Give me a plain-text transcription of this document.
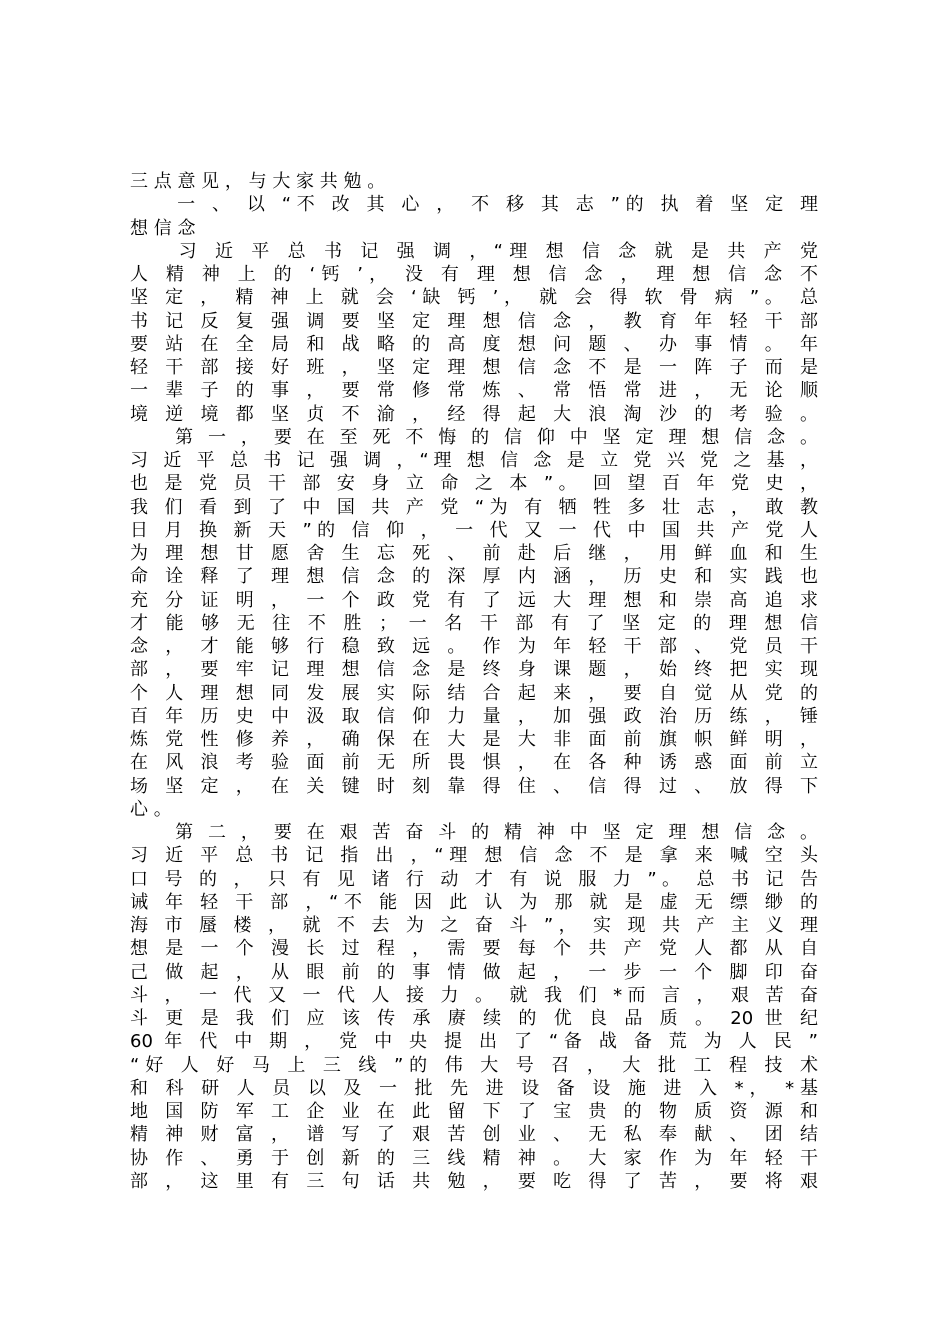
三 点 意 见 ， 与 大 家 共 勉 。
　　一 、 以 “不 改 其 心 ， 不 移 其 志 ”的 执 着 坚 定 理
想 信 念
　　习 近 平 总 书 记 强 调 ，“理 想 信 念 就 是 共 产 党
人 精 神 上 的 ‘钙 ’， 没 有 理 想 信 念 ， 理 想 信 念 不
坚 定 ， 精 神 上 就 会 ‘缺 钙 ’， 就 会 得 软 骨 病 ”。 总
书 记 反 复 强 调 要 坚 定 理 想 信 念 ， 教 育 年 轻 干 部
要 站 在 全 局 和 战 略 的 高 度 想 问 题 、 办 事 情 。 年
轻 干 部 接 好 班 ， 坚 定 理 想 信 念 不 是 一 阵 子 而 是
一 辈 子 的 事 ， 要 常 修 常 炼 、 常 悟 常 进 ， 无 论 顺
境 逆 境 都 坚 贞 不 渝 ， 经 得 起 大 浪 淘 沙 的 考 验 。
　　第 一 ， 要 在 至 死 不 悔 的 信 仰 中 坚 定 理 想 信 念 。
习 近 平 总 书 记 强 调 ，“理 想 信 念 是 立 党 兴 党 之 基 ，
也 是 党 员 干 部 安 身 立 命 之 本 ”。 回 望 百 年 党 史 ，
我 们 看 到 了 中 国 共 产 党 “为 有 牺 牲 多 壮 志 ， 敢 教
日 月 换 新 天 ”的 信 仰 ， 一 代 又 一 代 中 国 共 产 党 人
为 理 想 甘 愿 舍 生 忘 死 、 前 赴 后 继 ， 用 鲜 血 和 生
命 诠 释 了 理 想 信 念 的 深 厚 内 涵 ， 历 史 和 实 践 也
充 分 证 明 ， 一 个 政 党 有 了 远 大 理 想 和 崇 高 追 求
才 能 够 无 往 不 胜 ； 一 名 干 部 有 了 坚 定 的 理 想 信
念 ， 才 能 够 行 稳 致 远 。 作 为 年 轻 干 部 、 党 员 干
部 ， 要 牢 记 理 想 信 念 是 终 身 课 题 ， 始 终 把 实 现
个 人 理 想 同 发 展 实 际 结 合 起 来 ， 要 自 觉 从 党 的
百 年 历 史 中 汲 取 信 仰 力 量 ， 加 强 政 治 历 练 ， 锤
炼 党 性 修 养 ， 确 保 在 大 是 大 非 面 前 旗 帜 鲜 明 ，
在 风 浪 考 验 面 前 无 所 畏 惧 ， 在 各 种 诱 惑 面 前 立
场 坚 定 ， 在 关 键 时 刻 靠 得 住 、 信 得 过 、 放 得 下
心 。
　　第 二 ， 要 在 艰 苦 奋 斗 的 精 神 中 坚 定 理 想 信 念 。
习 近 平 总 书 记 指 出 ，“理 想 信 念 不 是 拿 来 喊 空 头
口 号 的 ， 只 有 见 诸 行 动 才 有 说 服 力 ”。 总 书 记 告
诫 年 轻 干 部 ，“不 能 因 此 认 为 那 就 是 虚 无 缥 缈 的
海 市 蜃 楼 ， 就 不 去 为 之 奋 斗 ”， 实 现 共 产 主 义 理
想 是 一 个 漫 长 过 程 ， 需 要 每 个 共 产 党 人 都 从 自
己 做 起 ， 从 眼 前 的 事 情 做 起 ， 一 步 一 个 脚 印 奋
斗 ， 一 代 又 一 代 人 接 力 。 就 我 们 *而 言 ， 艰 苦 奋
斗 更 是 我 们 应 该 传 承 赓 续 的 优 良 品 质 。 20 世 纪
60 年 代 中 期 ， 党 中 央 提 出 了 “备 战 备 荒 为 人 民 ”
“好 人 好 马 上 三 线 ”的 伟 大 号 召 ， 大 批 工 程 技 术
和 科 研 人 员 以 及 一 批 先 进 设 备 设 施 进 入 *， *基
地 国 防 军 工 企 业 在 此 留 下 了 宝 贵 的 物 质 资 源 和
精 神 财 富 ， 谱 写 了 艰 苦 创 业 、 无 私 奉 献 、 团 结
协 作 、 勇 于 创 新 的 三 线 精 神 。 大 家 作 为 年 轻 干
部 ， 这 里 有 三 句 话 共 勉 ， 要 吃 得 了 苦 ， 要 将 艰
